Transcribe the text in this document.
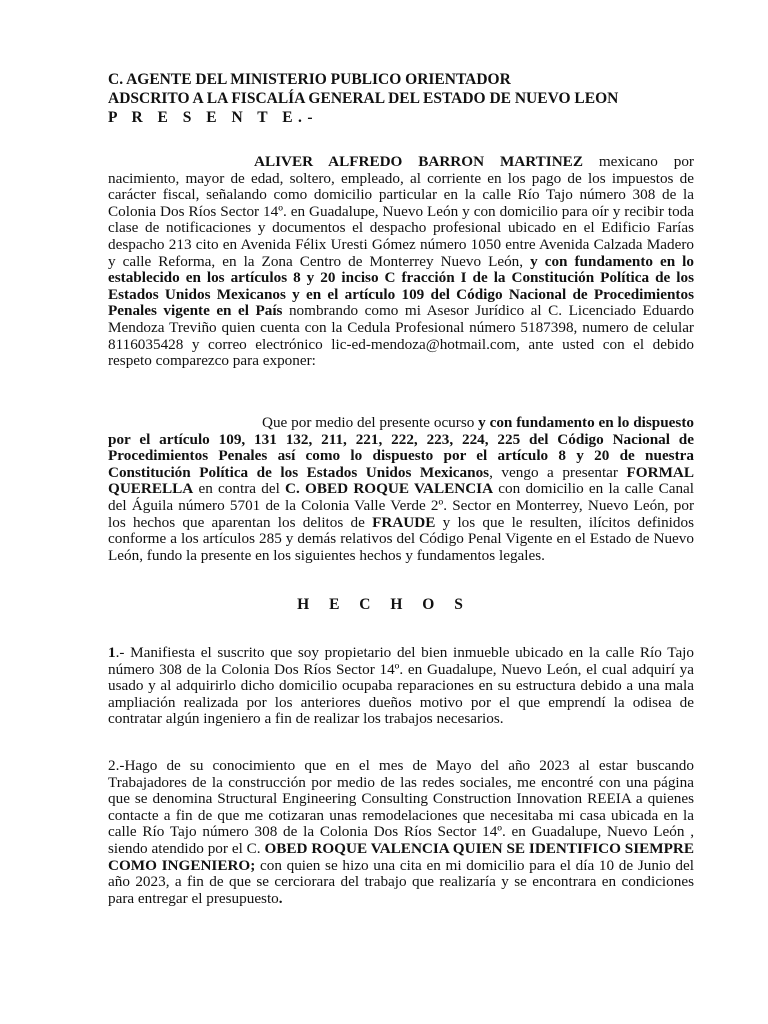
C. AGENTE DEL MINISTERIO PUBLICO ORIENTADOR
ADSCRITO A LA FISCALÍA GENERAL DEL ESTADO DE NUEVO LEON
P R E S E N T E.-

ALIVER ALFREDO BARRON MARTINEZ mexicano por nacimiento, mayor de edad, soltero, empleado, al corriente en los pago de los impuestos de carácter fiscal, señalando como domicilio particular en la calle Río Tajo número 308 de la Colonia Dos Ríos Sector 14º. en Guadalupe, Nuevo León y con domicilio para oír y recibir toda clase de notificaciones y documentos el despacho profesional ubicado en el Edificio Farías despacho 213 cito en Avenida Félix Uresti Gómez número 1050 entre Avenida Calzada Madero y calle Reforma, en la Zona Centro de Monterrey Nuevo León, y con fundamento en lo establecido en los artículos 8 y 20 inciso C fracción I de la Constitución Política de los Estados Unidos Mexicanos y en el artículo 109 del Código Nacional de Procedimientos Penales vigente en el País nombrando como mi Asesor Jurídico al C. Licenciado Eduardo Mendoza Treviño quien cuenta con la Cedula Profesional número 5187398, numero de celular 8116035428 y correo electrónico lic-ed-mendoza@hotmail.com, ante usted con el debido respeto comparezco para exponer:

Que por medio del presente ocurso y con fundamento en lo dispuesto por el artículo 109, 131 132, 211, 221, 222, 223, 224, 225 del Código Nacional de Procedimientos Penales así como lo dispuesto por el artículo 8 y 20 de nuestra Constitución Política de los Estados Unidos Mexicanos, vengo a presentar FORMAL QUERELLA en contra del C. OBED ROQUE VALENCIA con domicilio en la calle Canal del Águila número 5701 de la Colonia Valle Verde 2º. Sector en Monterrey, Nuevo León, por los hechos que aparentan los delitos de FRAUDE y los que le resulten, ilícitos definidos conforme a los artículos 285 y demás relativos del Código Penal Vigente en el Estado de Nuevo León, fundo la presente en los siguientes hechos y fundamentos legales.

H E C H O S

1.- Manifiesta el suscrito que soy propietario del bien inmueble ubicado en la calle Río Tajo número 308 de la Colonia Dos Ríos Sector 14º. en Guadalupe, Nuevo León, el cual adquirí ya usado y al adquirirlo dicho domicilio ocupaba reparaciones en su estructura debido a una mala ampliación realizada por los anteriores dueños motivo por el que emprendí la odisea de contratar algún ingeniero a fin de realizar los trabajos necesarios.

2.-Hago de su conocimiento que en el mes de Mayo del año 2023 al estar buscando Trabajadores de la construcción por medio de las redes sociales, me encontré con una página que se denomina Structural Engineering Consulting Construction Innovation REEIA a quienes contacte a fin de que me cotizaran unas remodelaciones que necesitaba mi casa ubicada en la calle Río Tajo número 308 de la Colonia Dos Ríos Sector 14º. en Guadalupe, Nuevo León , siendo atendido por el C. OBED ROQUE VALENCIA QUIEN SE IDENTIFICO SIEMPRE COMO INGENIERO; con quien se hizo una cita en mi domicilio para el día 10 de Junio del año 2023, a fin de que se cerciorara del trabajo que realizaría y se encontrara en condiciones para entregar el presupuesto.
